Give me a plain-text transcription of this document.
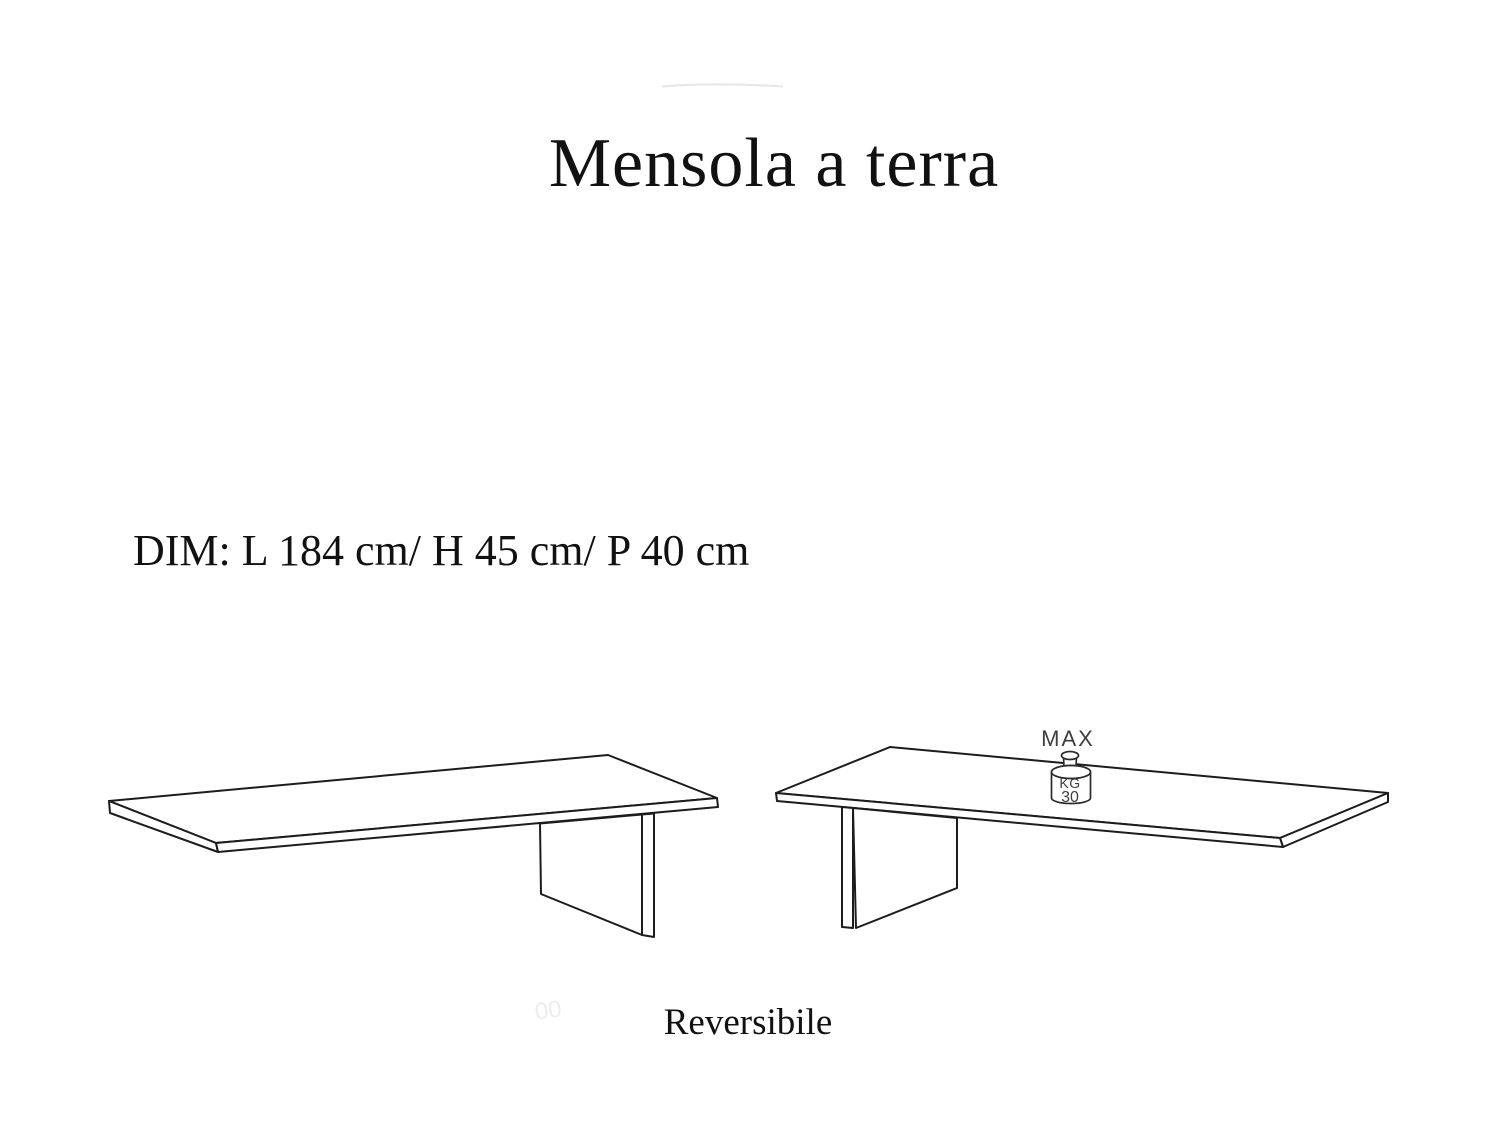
Mensola a terra
DIM: L 184 cm/ H 45 cm/ P 40 cm
00
MAX
KG
30
Reversibile
